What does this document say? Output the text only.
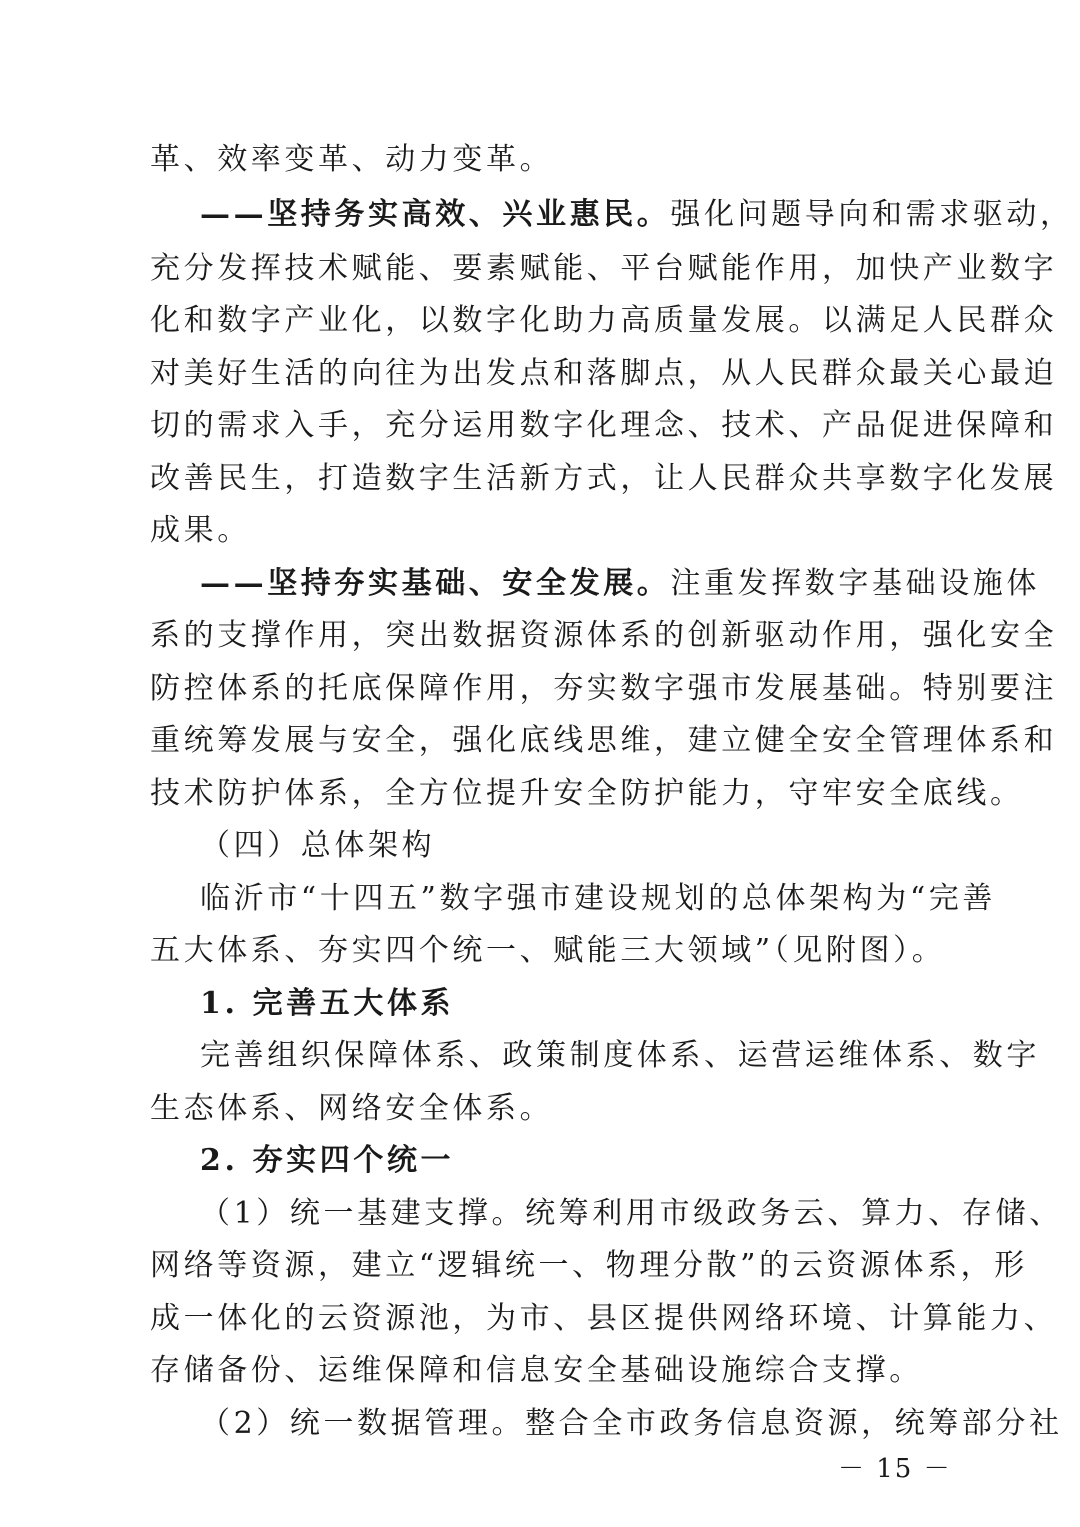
革、效率变革、动力变革。
——坚持务实高效、兴业惠民。强化问题导向和需求驱动，
充分发挥技术赋能、要素赋能、平台赋能作用，加快产业数字
化和数字产业化，以数字化助力高质量发展。以满足人民群众
对美好生活的向往为出发点和落脚点，从人民群众最关心最迫
切的需求入手，充分运用数字化理念、技术、产品促进保障和
改善民生，打造数字生活新方式，让人民群众共享数字化发展
成果。
——坚持夯实基础、安全发展。注重发挥数字基础设施体
系的支撑作用，突出数据资源体系的创新驱动作用，强化安全
防控体系的托底保障作用，夯实数字强市发展基础。特别要注
重统筹发展与安全，强化底线思维，建立健全安全管理体系和
技术防护体系，全方位提升安全防护能力，守牢安全底线。
（四）总体架构
临沂市“十四五”数字强市建设规划的总体架构为“完善
五大体系、夯实四个统一、赋能三大领域”（见附图）。
1. 完善五大体系
完善组织保障体系、政策制度体系、运营运维体系、数字
生态体系、网络安全体系。
2. 夯实四个统一
（1）统一基建支撑。统筹利用市级政务云、算力、存储、
网络等资源，建立“逻辑统一、物理分散”的云资源体系，形
成一体化的云资源池，为市、县区提供网络环境、计算能力、
存储备份、运维保障和信息安全基础设施综合支撑。
（2）统一数据管理。整合全市政务信息资源，统筹部分社
－ 15 －
